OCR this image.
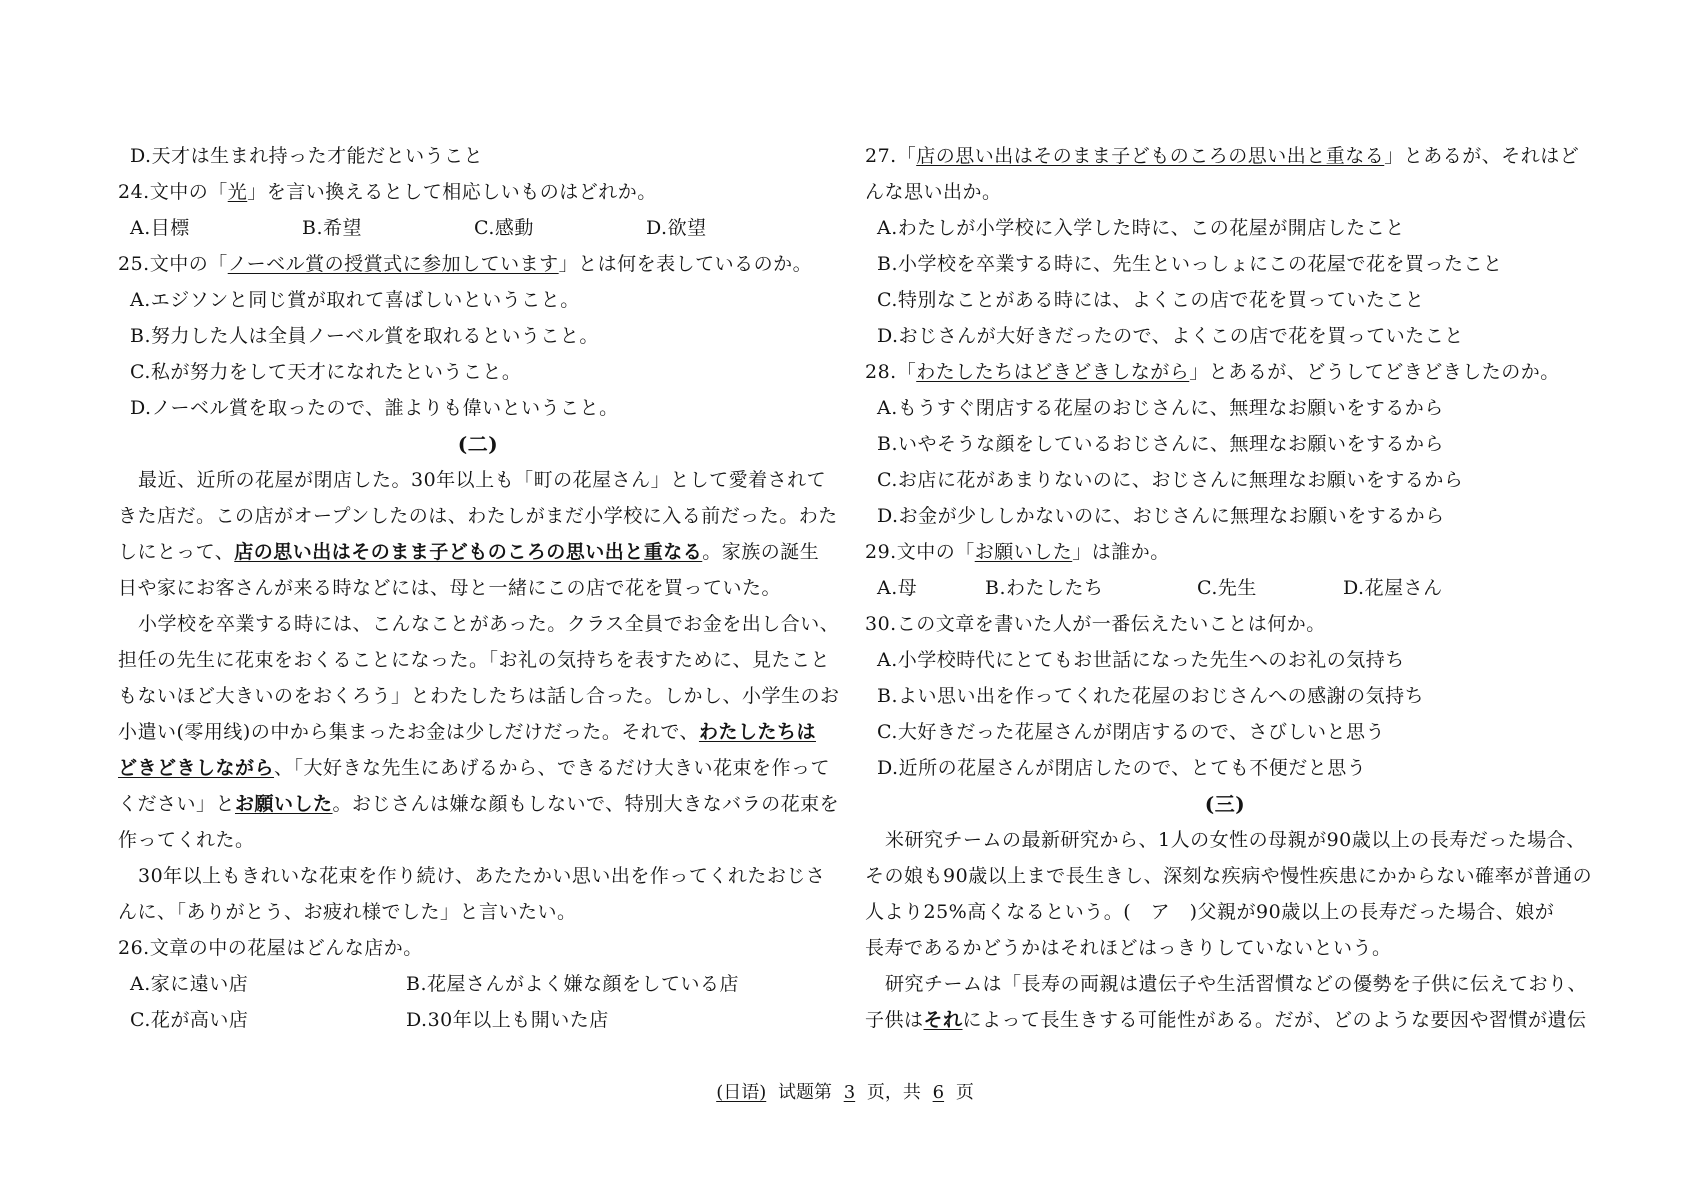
D.天才は生まれ持った才能だということ
24.文中の「光」を言い換えるとして相応しいものはどれか。
A.目標	B.希望	C.感動	D.欲望
25.文中の「ノーベル賞の授賞式に参加しています」とは何を表しているのか。
A.エジソンと同じ賞が取れて喜ばしいということ。
B.努力した人は全員ノーベル賞を取れるということ。
C.私が努力をして天才になれたということ。
D.ノーベル賞を取ったので、誰よりも偉いということ。
(二)
最近、近所の花屋が閉店した。30年以上も「町の花屋さん」として愛着されて
きた店だ。この店がオープンしたのは、わたしがまだ小学校に入る前だった。わた
しにとって、店の思い出はそのまま子どものころの思い出と重なる。家族の誕生
日や家にお客さんが来る時などには、母と一緒にこの店で花を買っていた。
小学校を卒業する時には、こんなことがあった。クラス全員でお金を出し合い、
担任の先生に花束をおくることになった。「お礼の気持ちを表すために、見たこと
もないほど大きいのをおくろう」とわたしたちは話し合った。しかし、小学生のお
小遣い(零用线)の中から集まったお金は少しだけだった。それで、わたしたちは
どきどきしながら、「大好きな先生にあげるから、できるだけ大きい花束を作って
ください」とお願いした。おじさんは嫌な顔もしないで、特別大きなバラの花束を
作ってくれた。
30年以上もきれいな花束を作り続け、あたたかい思い出を作ってくれたおじさ
んに、「ありがとう、お疲れ様でした」と言いたい。
26.文章の中の花屋はどんな店か。
A.家に遠い店	B.花屋さんがよく嫌な顔をしている店
C.花が高い店	D.30年以上も開いた店
27.「店の思い出はそのまま子どものころの思い出と重なる」とあるが、それはど
んな思い出か。
A.わたしが小学校に入学した時に、この花屋が開店したこと
B.小学校を卒業する時に、先生といっしょにこの花屋で花を買ったこと
C.特別なことがある時には、よくこの店で花を買っていたこと
D.おじさんが大好きだったので、よくこの店で花を買っていたこと
28.「わたしたちはどきどきしながら」とあるが、どうしてどきどきしたのか。
A.もうすぐ閉店する花屋のおじさんに、無理なお願いをするから
B.いやそうな顔をしているおじさんに、無理なお願いをするから
C.お店に花があまりないのに、おじさんに無理なお願いをするから
D.お金が少ししかないのに、おじさんに無理なお願いをするから
29.文中の「お願いした」は誰か。
A.母	B.わたしたち	C.先生	D.花屋さん
30.この文章を書いた人が一番伝えたいことは何か。
A.小学校時代にとてもお世話になった先生へのお礼の気持ち
B.よい思い出を作ってくれた花屋のおじさんへの感謝の気持ち
C.大好きだった花屋さんが閉店するので、さびしいと思う
D.近所の花屋さんが閉店したので、とても不便だと思う
(三)
米研究チームの最新研究から、1人の女性の母親が90歳以上の長寿だった場合、
その娘も90歳以上まで長生きし、深刻な疾病や慢性疾患にかからない確率が普通の
人より25%高くなるという。(　ア　)父親が90歳以上の長寿だった場合、娘が
長寿であるかどうかはそれほどはっきりしていないという。
研究チームは「長寿の両親は遺伝子や生活習慣などの優勢を子供に伝えており、
子供はそれによって長生きする可能性がある。だが、どのような要因や習慣が遺伝
(日语) 试题第 3 页，共 6 页
